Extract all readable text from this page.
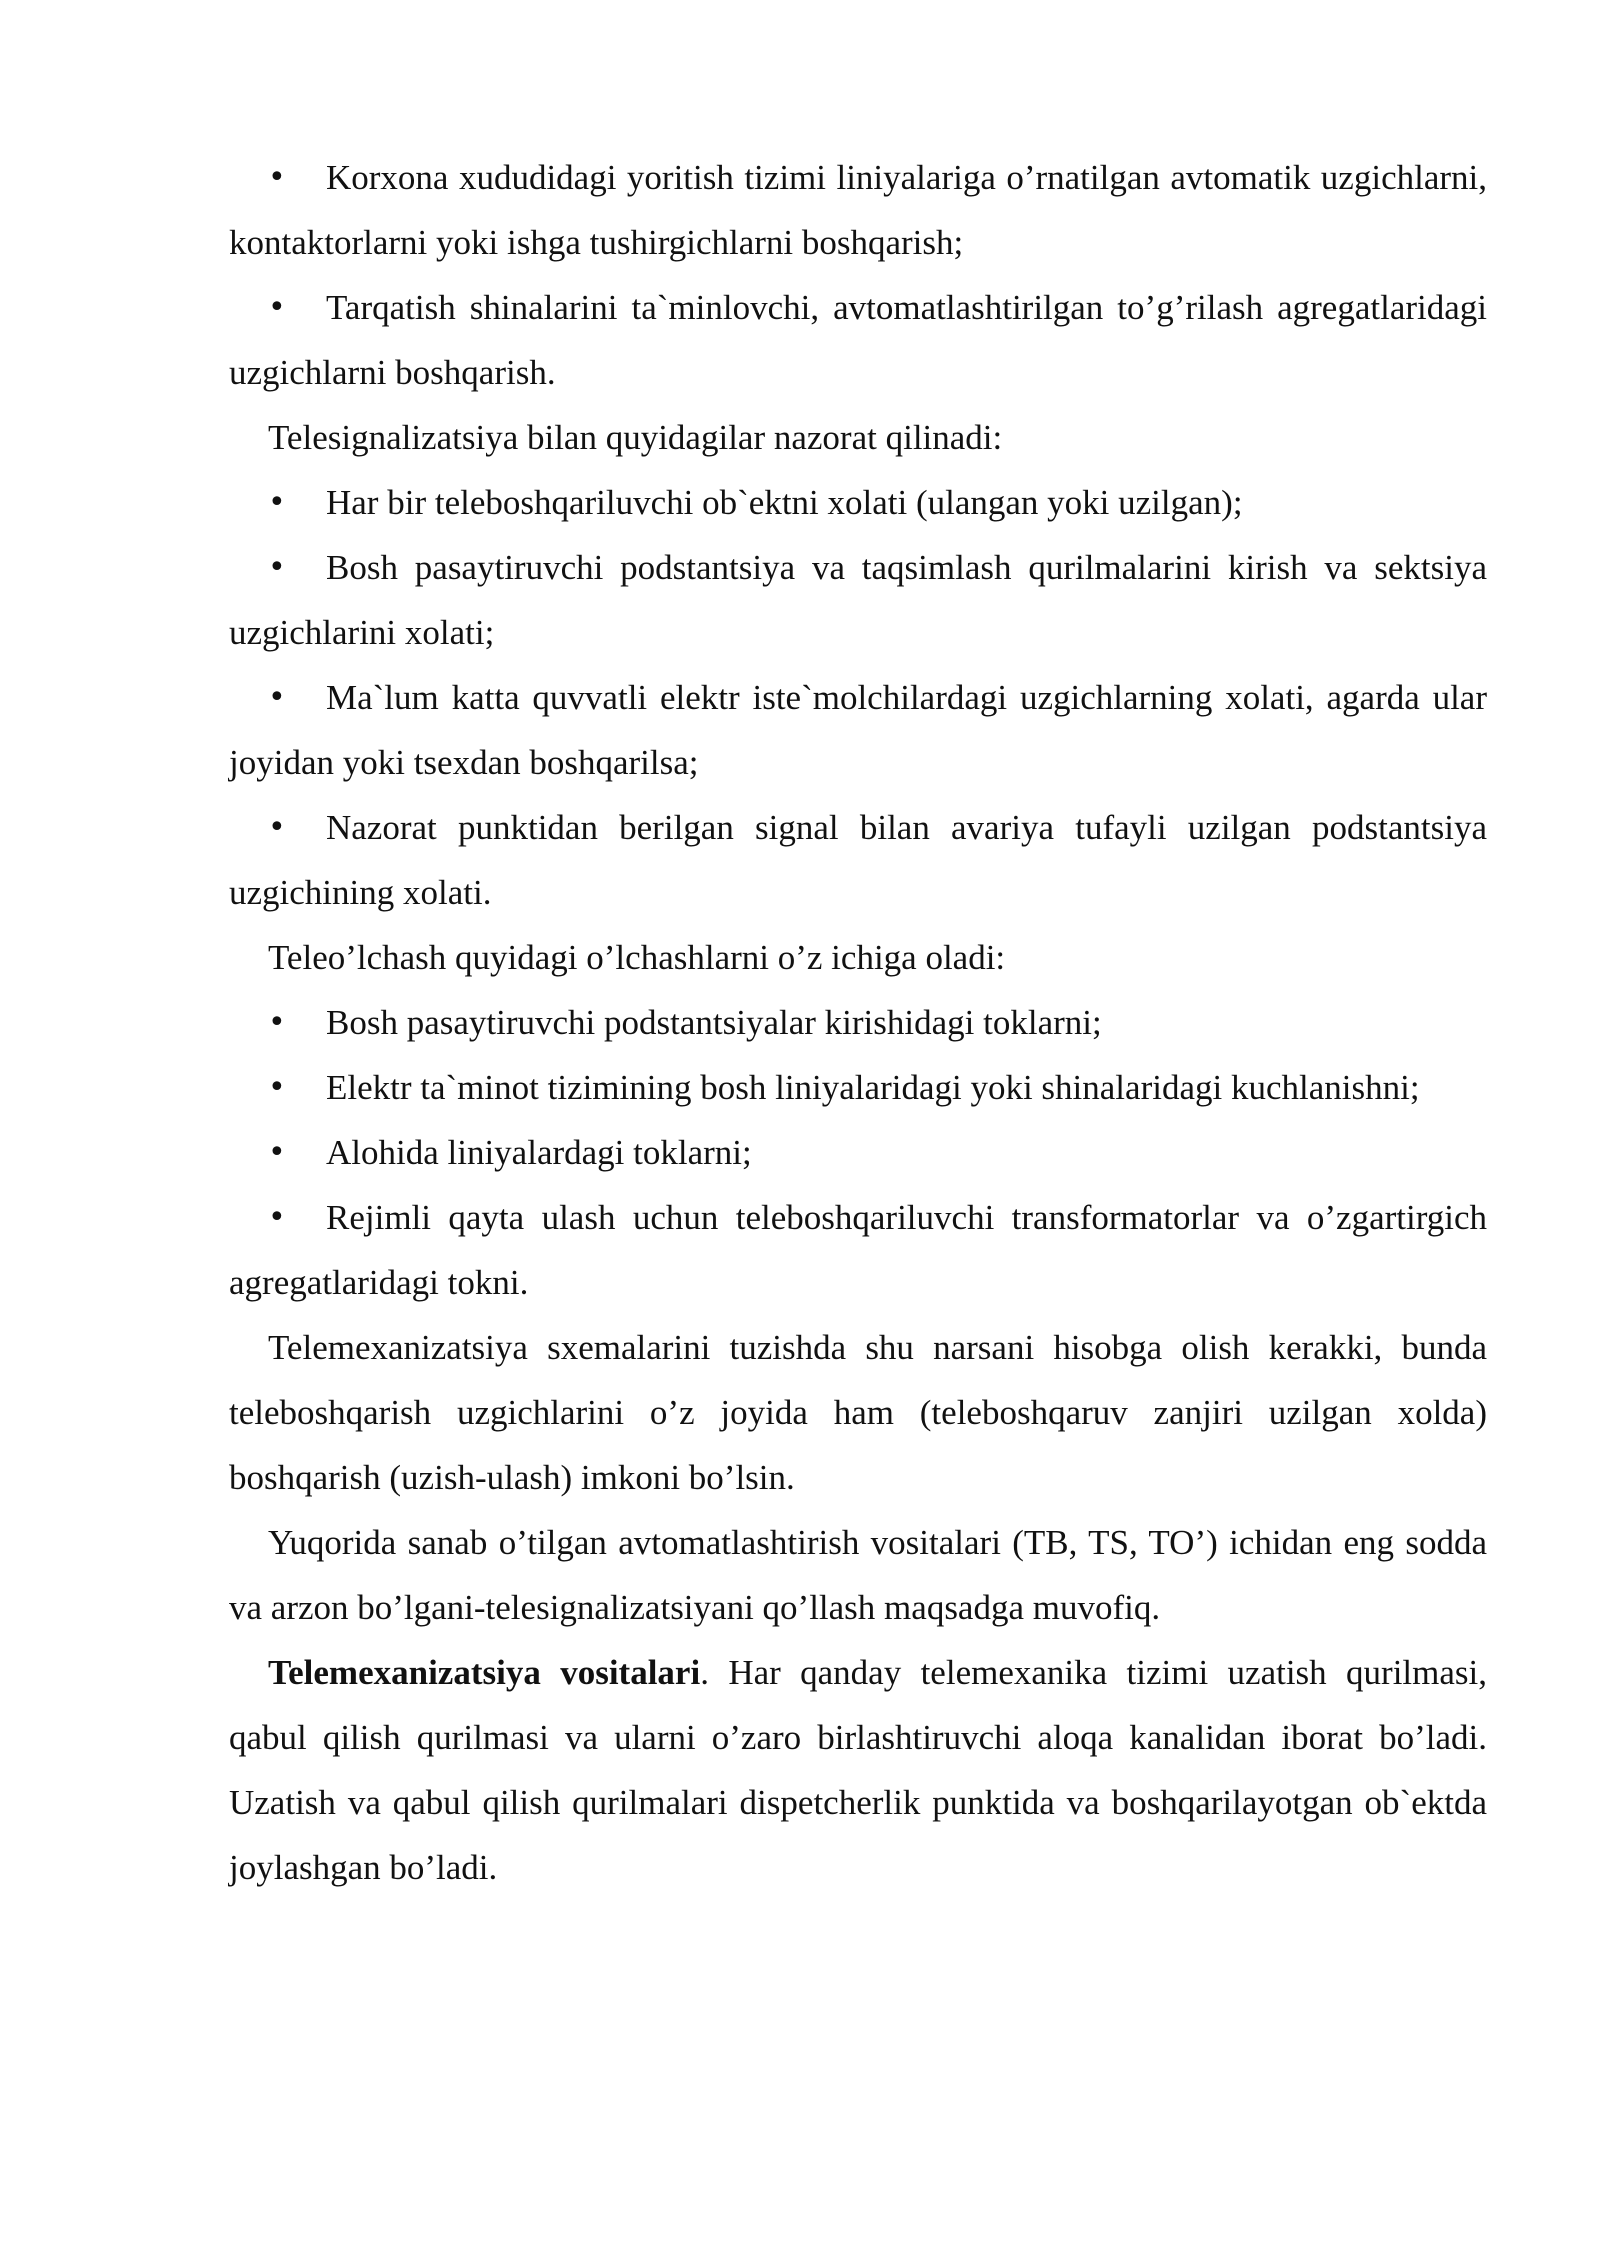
• Korxona xududidagi yoritish tizimi liniyalariga o’rnatilgan avtomatik uzgichlarni, kontaktorlarni yoki ishga tushirgichlarni boshqarish;

• Tarqatish shinalarini ta`minlovchi, avtomatlashtirilgan to’g’rilash agregatlaridagi uzgichlarni boshqarish.

Telesignalizatsiya bilan quyidagilar nazorat qilinadi:

• Har bir teleboshqariluvchi ob`ektni xolati (ulangan yoki uzilgan);

• Bosh pasaytiruvchi podstantsiya va taqsimlash qurilmalarini kirish va sektsiya uzgichlarini xolati;

• Ma`lum katta quvvatli elektr iste`molchilardagi uzgichlarning xolati, agarda ular joyidan yoki tsexdan boshqarilsa;

• Nazorat punktidan berilgan signal bilan avariya tufayli uzilgan podstantsiya uzgichining xolati.

Teleo’lchash quyidagi o’lchashlarni o’z ichiga oladi:

• Bosh pasaytiruvchi podstantsiyalar kirishidagi toklarni;

• Elektr ta`minot tizimining bosh liniyalaridagi yoki shinalaridagi kuchlanishni;

• Alohida liniyalardagi toklarni;

• Rejimli qayta ulash uchun teleboshqariluvchi transformatorlar va o’zgartirgich agregatlaridagi tokni.

Telemexanizatsiya sxemalarini tuzishda shu narsani hisobga olish kerakki, bunda teleboshqarish uzgichlarini o’z joyida ham (teleboshqaruv zanjiri uzilgan xolda) boshqarish (uzish-ulash) imkoni bo’lsin.

Yuqorida sanab o’tilgan avtomatlashtirish vositalari (TB, TS, TO’) ichidan eng sodda va arzon bo’lgani-telesignalizatsiyani qo’llash maqsadga muvofiq.

Telemexanizatsiya vositalari. Har qanday telemexanika tizimi uzatish qurilmasi, qabul qilish qurilmasi va ularni o’zaro birlashtiruvchi aloqa kanalidan iborat bo’ladi. Uzatish va qabul qilish qurilmalari dispetcherlik punktida va boshqarilayotgan ob`ektda joylashgan bo’ladi.
